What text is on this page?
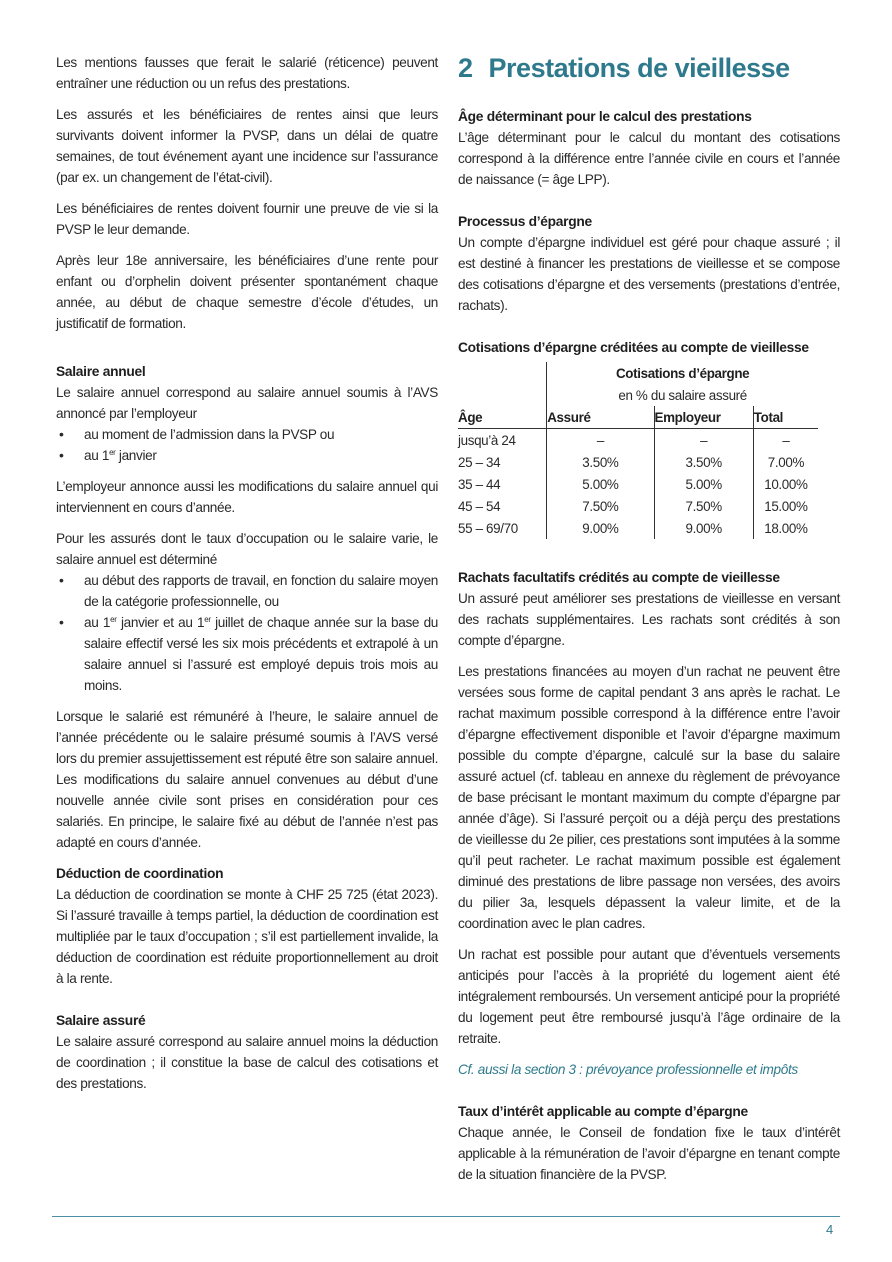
Les mentions fausses que ferait le salarié (réticence) peuvent entraîner une réduction ou un refus des prestations.

Les assurés et les bénéficiaires de rentes ainsi que leurs survivants doivent informer la PVSP, dans un délai de quatre semaines, de tout événement ayant une incidence sur l’assurance (par ex. un changement de l’état-civil).

Les bénéficiaires de rentes doivent fournir une preuve de vie si la PVSP le leur demande.

Après leur 18e anniversaire, les bénéficiaires d’une rente pour enfant ou d’orphelin doivent présenter spontanément chaque année, au début de chaque semestre d’école d’études, un justificatif de formation.

Salaire annuel

Le salaire annuel correspond au salaire annuel soumis à l’AVS annoncé par l’employeur

• au moment de l’admission dans la PVSP ou
• au 1er janvier

L’employeur annonce aussi les modifications du salaire annuel qui interviennent en cours d’année.

Pour les assurés dont le taux d’occupation ou le salaire varie, le salaire annuel est déterminé

• au début des rapports de travail, en fonction du salaire moyen de la catégorie professionnelle, ou
• au 1er janvier et au 1er juillet de chaque année sur la base du salaire effectif versé les six mois précédents et extrapolé à un salaire annuel si l’assuré est employé depuis trois mois au moins.

Lorsque le salarié est rémunéré à l’heure, le salaire annuel de l’année précédente ou le salaire présumé soumis à l’AVS versé lors du premier assujettissement est réputé être son salaire annuel. Les modifications du salaire annuel convenues au début d’une nouvelle année civile sont prises en considération pour ces salariés. En principe, le salaire fixé au début de l’année n’est pas adapté en cours d’année.

Déduction de coordination

La déduction de coordination se monte à CHF 25 725 (état 2023). Si l’assuré travaille à temps partiel, la déduction de coordination est multipliée par le taux d’occupation ; s’il est partiellement invalide, la déduction de coordination est réduite proportionnellement au droit à la rente.

Salaire assuré

Le salaire assuré correspond au salaire annuel moins la déduction de coordination ; il constitue la base de calcul des cotisations et des prestations.

2 Prestations de vieillesse
Âge déterminant pour le calcul des prestations

L’âge déterminant pour le calcul du montant des cotisations correspond à la différence entre l’année civile en cours et l’année de naissance (= âge LPP).

Processus d’épargne

Un compte d’épargne individuel est géré pour chaque assuré ; il est destiné à financer les prestations de vieillesse et se compose des cotisations d’épargne et des versements (prestations d’entrée, rachats).

Cotisations d’épargne créditées au compte de vieillesse
	Cotisations d’épargne		
	en % du salaire assuré		
Âge	Assuré	Employeur	Total
jusqu’à 24	–	–	–
25 – 34	3.50%	3.50%	7.00%
35 – 44	5.00%	5.00%	10.00%
45 – 54	7.50%	7.50%	15.00%
55 – 69/70	9.00%	9.00%	18.00%
Rachats facultatifs crédités au compte de vieillesse

Un assuré peut améliorer ses prestations de vieillesse en versant des rachats supplémentaires. Les rachats sont crédités à son compte d’épargne.

Les prestations financées au moyen d’un rachat ne peuvent être versées sous forme de capital pendant 3 ans après le rachat. Le rachat maximum possible correspond à la différence entre l’avoir d’épargne effectivement disponible et l’avoir d’épargne maximum possible du compte d’épargne, calculé sur la base du salaire assuré actuel (cf. tableau en annexe du règlement de prévoyance de base précisant le montant maximum du compte d’épargne par année d’âge). Si l’assuré perçoit ou a déjà perçu des prestations de vieillesse du 2e pilier, ces prestations sont imputées à la somme qu’il peut racheter. Le rachat maximum possible est également diminué des prestations de libre passage non versées, des avoirs du pilier 3a, lesquels dépassent la valeur limite, et de la coordination avec le plan cadres.

Un rachat est possible pour autant que d’éventuels versements anticipés pour l’accès à la propriété du logement aient été intégralement remboursés. Un versement anticipé pour la propriété du logement peut être remboursé jusqu’à l’âge ordinaire de la retraite.

Cf. aussi la section 3 : prévoyance professionnelle et impôts

Taux d’intérêt applicable au compte d’épargne

Chaque année, le Conseil de fondation fixe le taux d’intérêt applicable à la rémunération de l’avoir d’épargne en tenant compte de la situation financière de la PVSP.

4
